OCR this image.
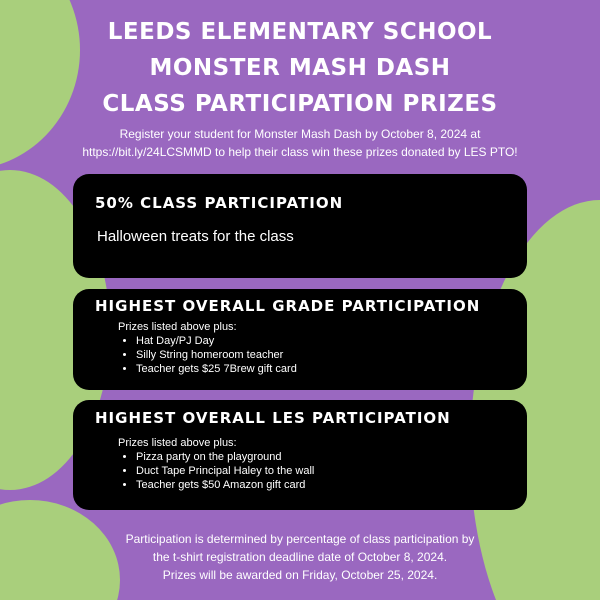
LEEDS ELEMENTARY SCHOOL
MONSTER MASH DASH
CLASS PARTICIPATION PRIZES
Register your student for Monster Mash Dash by October 8, 2024 at
https://bit.ly/24LCSMMD to help their class win these prizes donated by LES PTO!
50% CLASS PARTICIPATION
Halloween treats for the class
HIGHEST OVERALL GRADE PARTICIPATION
Prizes listed above plus:
• Hat Day/PJ Day
• Silly String homeroom teacher
• Teacher gets $25 7Brew gift card
HIGHEST OVERALL LES PARTICIPATION
Prizes listed above plus:
• Pizza party on the playground
• Duct Tape Principal Haley to the wall
• Teacher gets $50 Amazon gift card
Participation is determined by percentage of class participation by
the t-shirt registration deadline date of October 8, 2024.
Prizes will be awarded on Friday, October 25, 2024.
